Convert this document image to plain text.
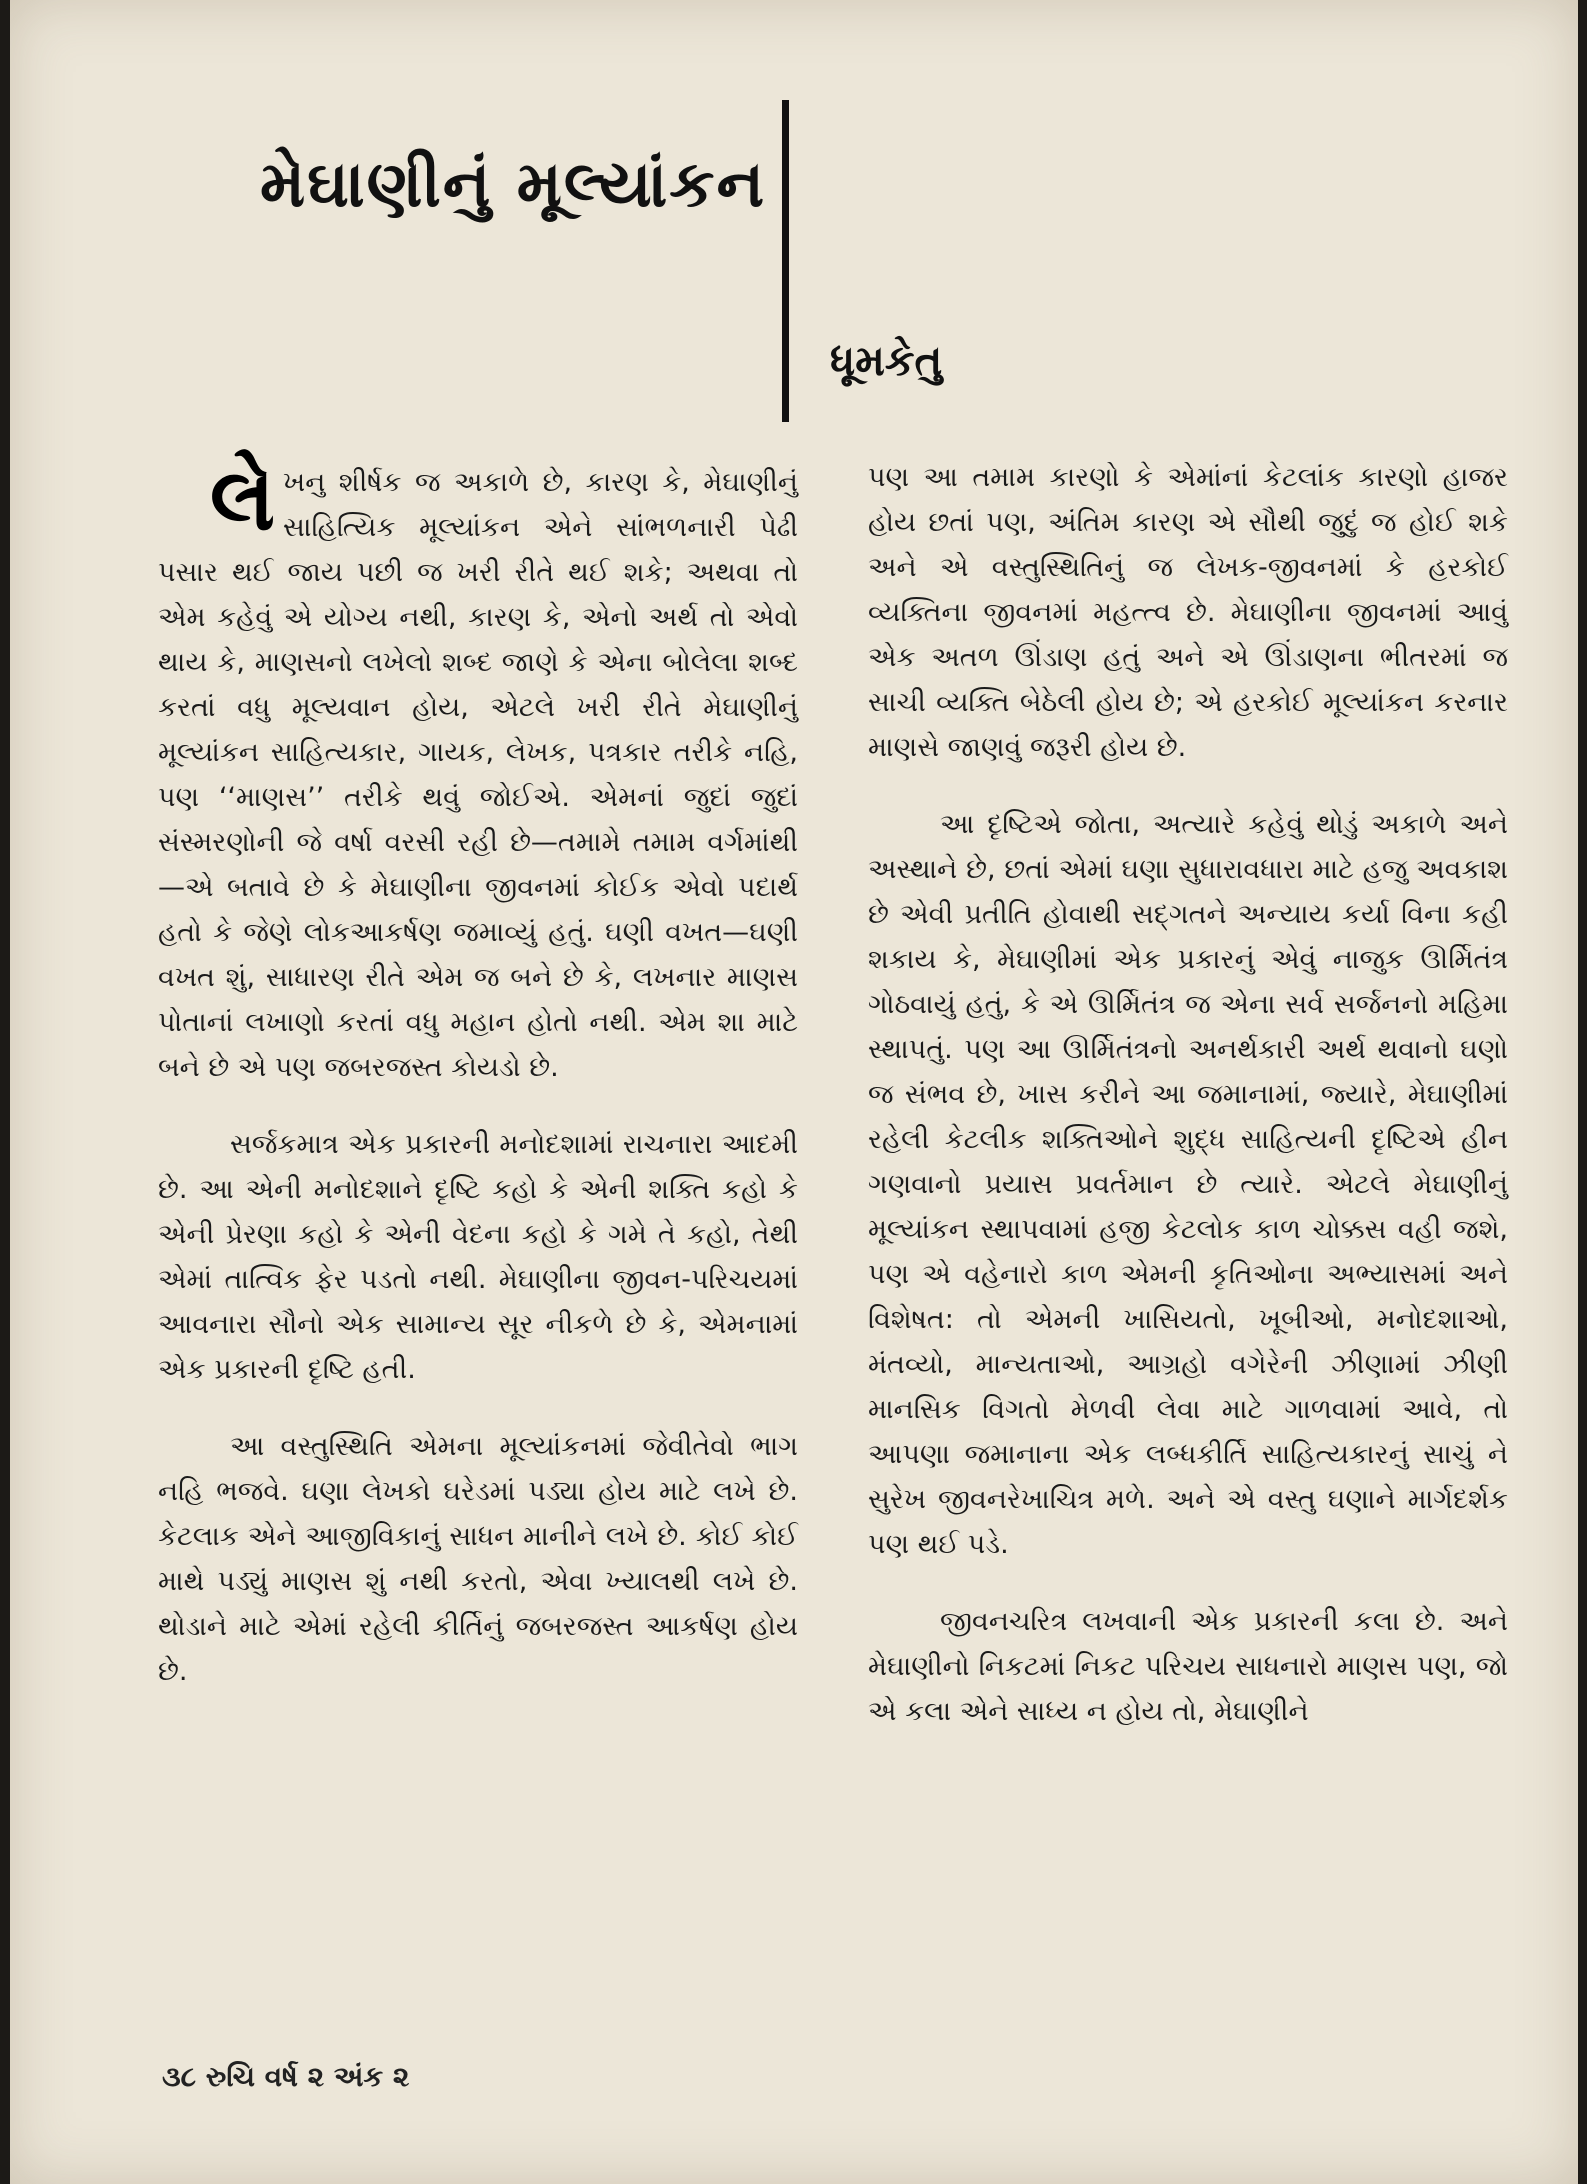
મેઘાણીનું મૂલ્યાંકન
ધૂમકેતુ

લેખનુ શીર્ષક જ અકાળે છે, કારણ કે, મેઘાણીનું સાહિત્યિક મૂલ્યાંકન એને સાંભળનારી પેઢી પસાર થઈ જાય પછી જ ખરી રીતે થઈ શકે; અથવા તો એમ કહેવું એ યોગ્ય નથી, કારણ કે, એનો અર્થ તો એવો થાય કે, માણસનો લખેલો શબ્દ જાણે કે એના બોલેલા શબ્દ કરતાં વધુ મૂલ્યવાન હોય, એટલે ખરી રીતે મેઘાણીનું મૂલ્યાંકન સાહિત્યકાર, ગાયક, લેખક, પત્રકાર તરીકે નહિ, પણ ‘‘માણસ’’ તરીકે થવું જોઈએ. એમનાં જુદાં જુદાં સંસ્મરણોની જે વર્ષા વરસી રહી છે—તમામે તમામ વર્ગમાંથી—એ બતાવે છે કે મેઘાણીના જીવનમાં કોઈક એવો પદાર્થ હતો કે જેણે લોકઆકર્ષણ જમાવ્યું હતું. ઘણી વખત—ઘણી વખત શું, સાધારણ રીતે એમ જ બને છે કે, લખનાર માણસ પોતાનાં લખાણો કરતાં વધુ મહાન હોતો નથી. એમ શા માટે બને છે એ પણ જબરજસ્ત કોયડો છે.

સર્જકમાત્ર એક પ્રકારની મનોદશામાં રાચનારા આદમી છે. આ એની મનોદશાને દૃષ્ટિ કહો કે એની શક્તિ કહો કે એની પ્રેરણા કહો કે એની વેદના કહો કે ગમે તે કહો, તેથી એમાં તાત્વિક ફેર પડતો નથી. મેઘાણીના જીવન-પરિચયમાં આવનારા સૌનો એક સામાન્ય સૂર નીકળે છે કે, એમનામાં એક પ્રકારની દૃષ્ટિ હતી.

આ વસ્તુસ્થિતિ એમના મૂલ્યાંકનમાં જેવીતેવો ભાગ નહિ ભજવે. ઘણા લેખકો ઘરેડમાં પડ્યા હોય માટે લખે છે. કેટલાક એને આજીવિકાનું સાધન માનીને લખે છે. કોઈ કોઈ માથે પડ્યું માણસ શું નથી કરતો, એવા ખ્યાલથી લખે છે. થોડાને માટે એમાં રહેલી કીર્તિનું જબરજસ્ત આકર્ષણ હોય છે.

પણ આ તમામ કારણો કે એમાંનાં કેટલાંક કારણો હાજર હોય છતાં પણ, અંતિમ કારણ એ સૌથી જુદું જ હોઈ શકે અને એ વસ્તુસ્થિતિનું જ લેખક-જીવનમાં કે હરકોઈ વ્યક્તિના જીવનમાં મહત્ત્વ છે. મેઘાણીના જીવનમાં આવું એક અતળ ઊંડાણ હતું અને એ ઊંડાણના ભીતરમાં જ સાચી વ્યક્તિ બેઠેલી હોય છે; એ હરકોઈ મૂલ્યાંકન કરનાર માણસે જાણવું જરૂરી હોય છે.

આ દૃષ્ટિએ જોતા, અત્યારે કહેવું થોડું અકાળે અને અસ્થાને છે, છતાં એમાં ઘણા સુધારાવધારા માટે હજુ અવકાશ છે એવી પ્રતીતિ હોવાથી સદ્ગતને અન્યાય કર્યા વિના કહી શકાય કે, મેઘાણીમાં એક પ્રકારનું એવું નાજુક ઊર્મિતંત્ર ગોઠવાયું હતું, કે એ ઊર્મિતંત્ર જ એના સર્વ સર્જનનો મહિમા સ્થાપતું. પણ આ ઊર્મિતંત્રનો અનર્થકારી અર્થ થવાનો ઘણો જ સંભવ છે, ખાસ કરીને આ જમાનામાં, જ્યારે, મેઘાણીમાં રહેલી કેટલીક શક્તિઓને શુદ્ધ સાહિત્યની દૃષ્ટિએ હીન ગણવાનો પ્રયાસ પ્રવર્તમાન છે ત્યારે. એટલે મેઘાણીનું મૂલ્યાંકન સ્થાપવામાં હજી કેટલોક કાળ ચોક્કસ વહી જશે, પણ એ વહેનારો કાળ એમની કૃતિઓના અભ્યાસમાં અને વિશેષત: તો એમની ખાસિયતો, ખૂબીઓ, મનોદશાઓ, મંતવ્યો, માન્યતાઓ, આગ્રહો વગેરેની ઝીણામાં ઝીણી માનસિક વિગતો મેળવી લેવા માટે ગાળવામાં આવે, તો આપણા જમાનાના એક લબ્ધકીર્તિ સાહિત્યકારનું સાચું ને સુરેખ જીવનરેખાચિત્ર મળે. અને એ વસ્તુ ઘણાને માર્ગદર્શક પણ થઈ પડે.

જીવનચરિત્ર લખવાની એક પ્રકારની કલા છે. અને મેઘાણીનો નિકટમાં નિકટ પરિચય સાધનારો માણસ પણ, જો એ કલા એને સાધ્ય ન હોય તો, મેઘાણીને

૩૮ રુચિ વર્ષ ૨ અંક ૨
